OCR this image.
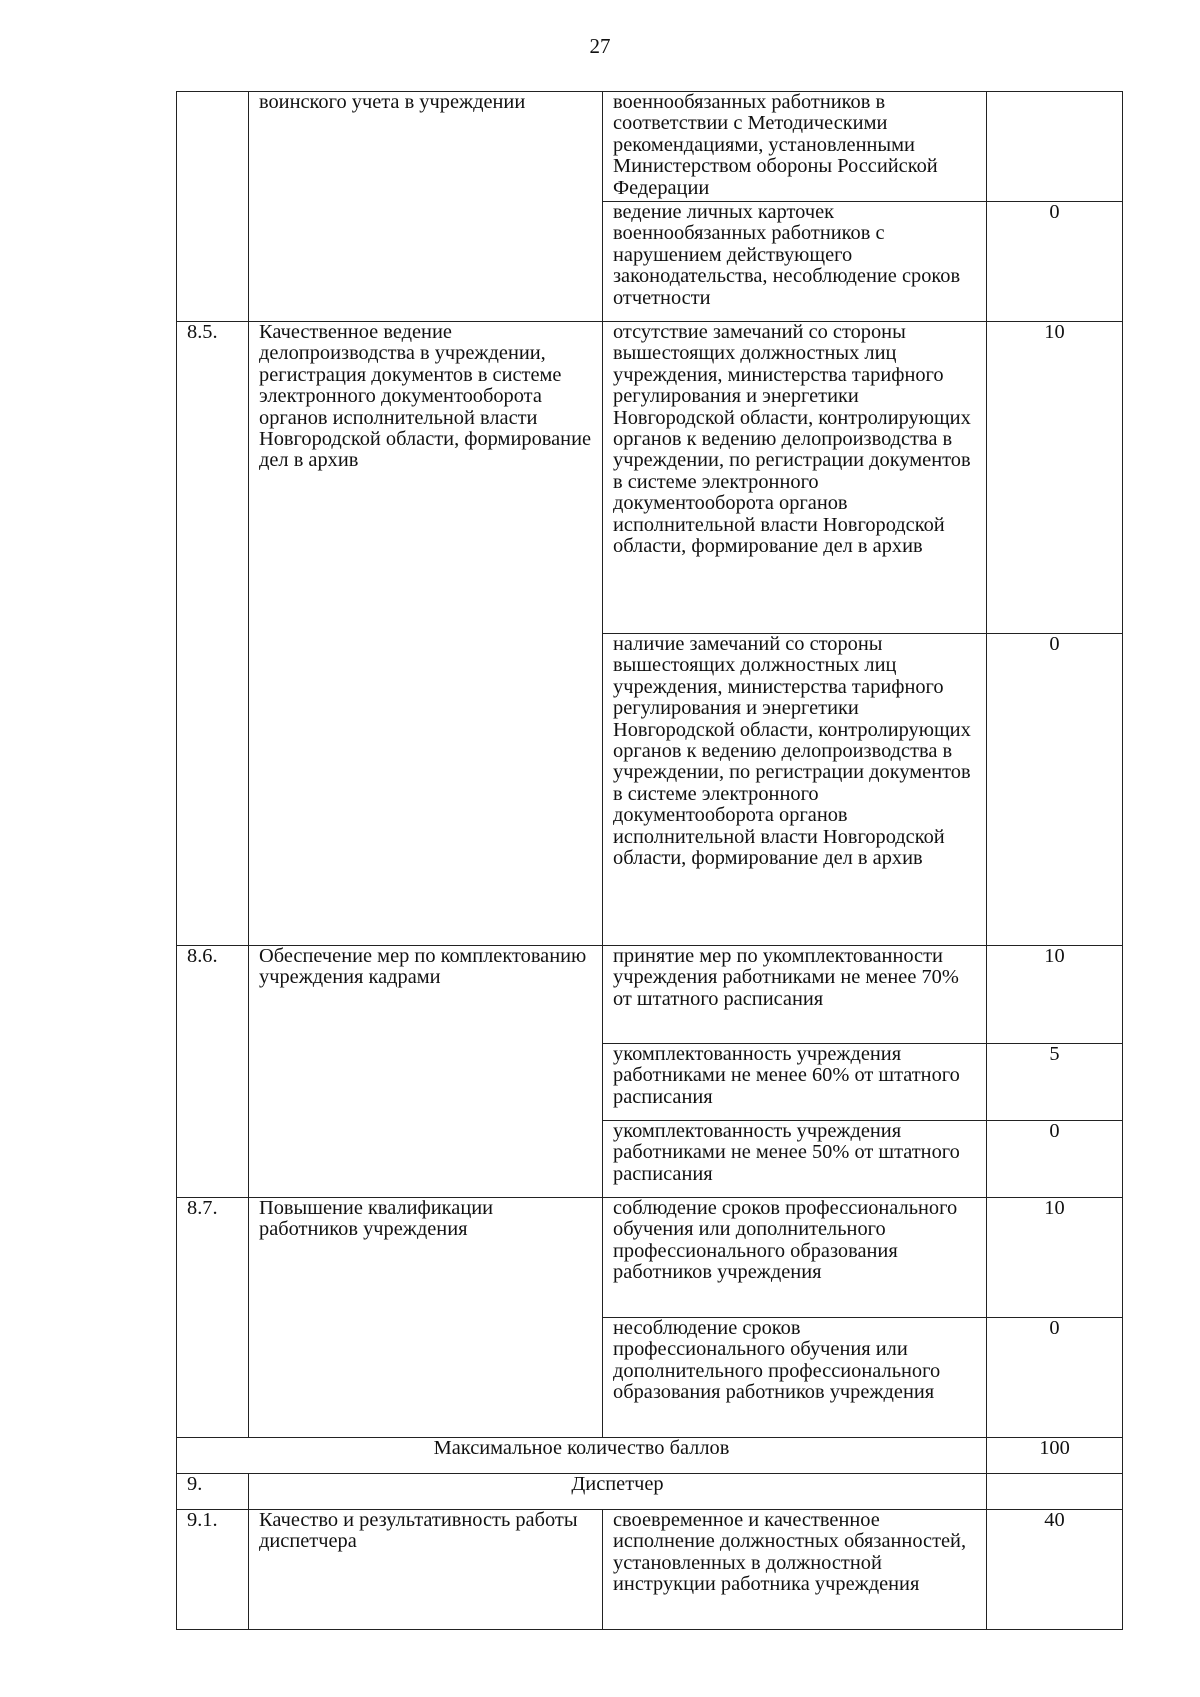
27
	воинского учета в учреждении	военнообязанных работников в соответствии с Методическими рекомендациями, установленными Министерством обороны Российской Федерации	
		ведение личных карточек военнообязанных работников с нарушением действующего законодательства, несоблюдение сроков отчетности	0
8.5.	Качественное ведение делопроизводства в учреждении, регистрация документов в системе электронного документооборота органов исполнительной власти Новгородской области, формирование дел в архив	отсутствие замечаний со стороны вышестоящих должностных лиц учреждения, министерства тарифного регулирования и энергетики Новгородской области, контролирующих органов к ведению делопроизводства в учреждении, по регистрации документов в системе электронного документооборота органов исполнительной власти Новгородской области, формирование дел в архив	10
		наличие замечаний со стороны вышестоящих должностных лиц учреждения, министерства тарифного регулирования и энергетики Новгородской области, контролирующих органов к ведению делопроизводства в учреждении, по регистрации документов в системе электронного документооборота органов исполнительной власти Новгородской области, формирование дел в архив	0
8.6.	Обеспечение мер по комплектованию учреждения кадрами	принятие мер по укомплектованности учреждения работниками не менее 70% от штатного расписания	10
		укомплектованность учреждения работниками не менее 60% от штатного расписания	5
		укомплектованность учреждения работниками не менее 50% от штатного расписания	0
8.7.	Повышение квалификации работников учреждения	соблюдение сроков профессионального обучения или дополнительного профессионального образования работников учреждения	10
		несоблюдение сроков профессионального обучения или дополнительного профессионального образования работников учреждения	0
Максимальное количество баллов			100
9.	Диспетчер		
9.1.	Качество и результативность работы диспетчера	своевременное и качественное исполнение должностных обязанностей, установленных в должностной инструкции работника учреждения	40
